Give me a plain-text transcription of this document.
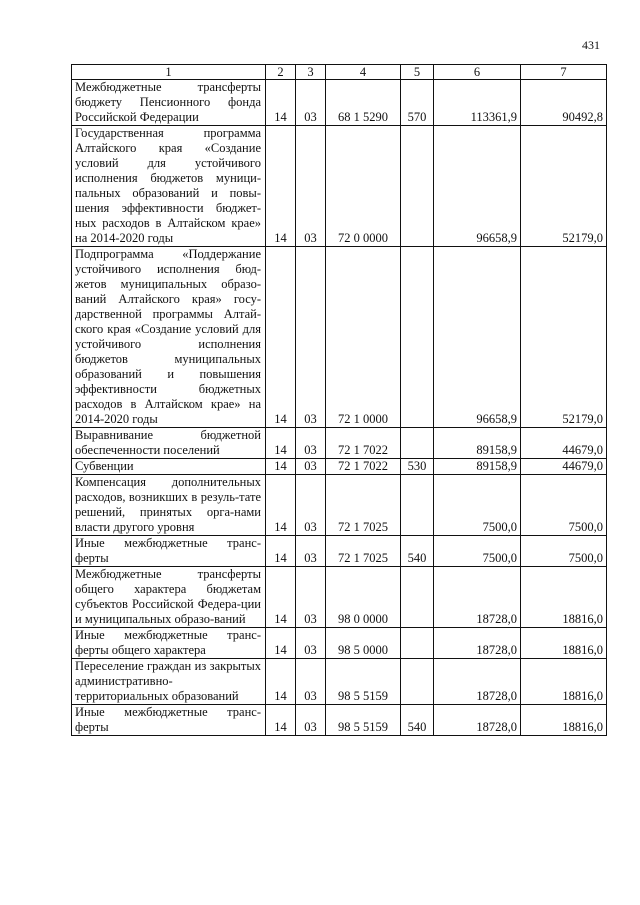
431
1	2	3	4	5	6	7
Межбюджетные трансферты бюджету Пенсионного фонда Российской Федерации	14	03	68 1 5290	570	113361,9	90492,8
Государственная программа Алтайского края «Создание условий для устойчивого исполнения бюджетов муници-пальных образований и повы-шения эффективности бюджет-ных расходов в Алтайском крае» на 2014-2020 годы	14	03	72 0 0000		96658,9	52179,0
Подпрограмма «Поддержание устойчивого исполнения бюд-жетов муниципальных образо-ваний Алтайского края» госу-дарственной программы Алтай-ского края «Создание условий для устойчивого исполнения бюджетов муниципальных образований и повышения эффективности бюджетных расходов в Алтайском крае» на 2014-2020 годы	14	03	72 1 0000		96658,9	52179,0
Выравнивание бюджетной обеспеченности поселений	14	03	72 1 7022		89158,9	44679,0
Субвенции	14	03	72 1 7022	530	89158,9	44679,0
Компенсация дополнительных расходов, возникших в резуль-тате решений, принятых орга-нами власти другого уровня	14	03	72 1 7025		7500,0	7500,0
Иные межбюджетные транс-ферты	14	03	72 1 7025	540	7500,0	7500,0
Межбюджетные трансферты общего характера бюджетам субъектов Российской Федера-ции и муниципальных образо-ваний	14	03	98 0 0000		18728,0	18816,0
Иные межбюджетные транс-ферты общего характера	14	03	98 5 0000		18728,0	18816,0
Переселение граждан из закрытых административно-территориальных образований	14	03	98 5 5159		18728,0	18816,0
Иные межбюджетные транс-ферты	14	03	98 5 5159	540	18728,0	18816,0
